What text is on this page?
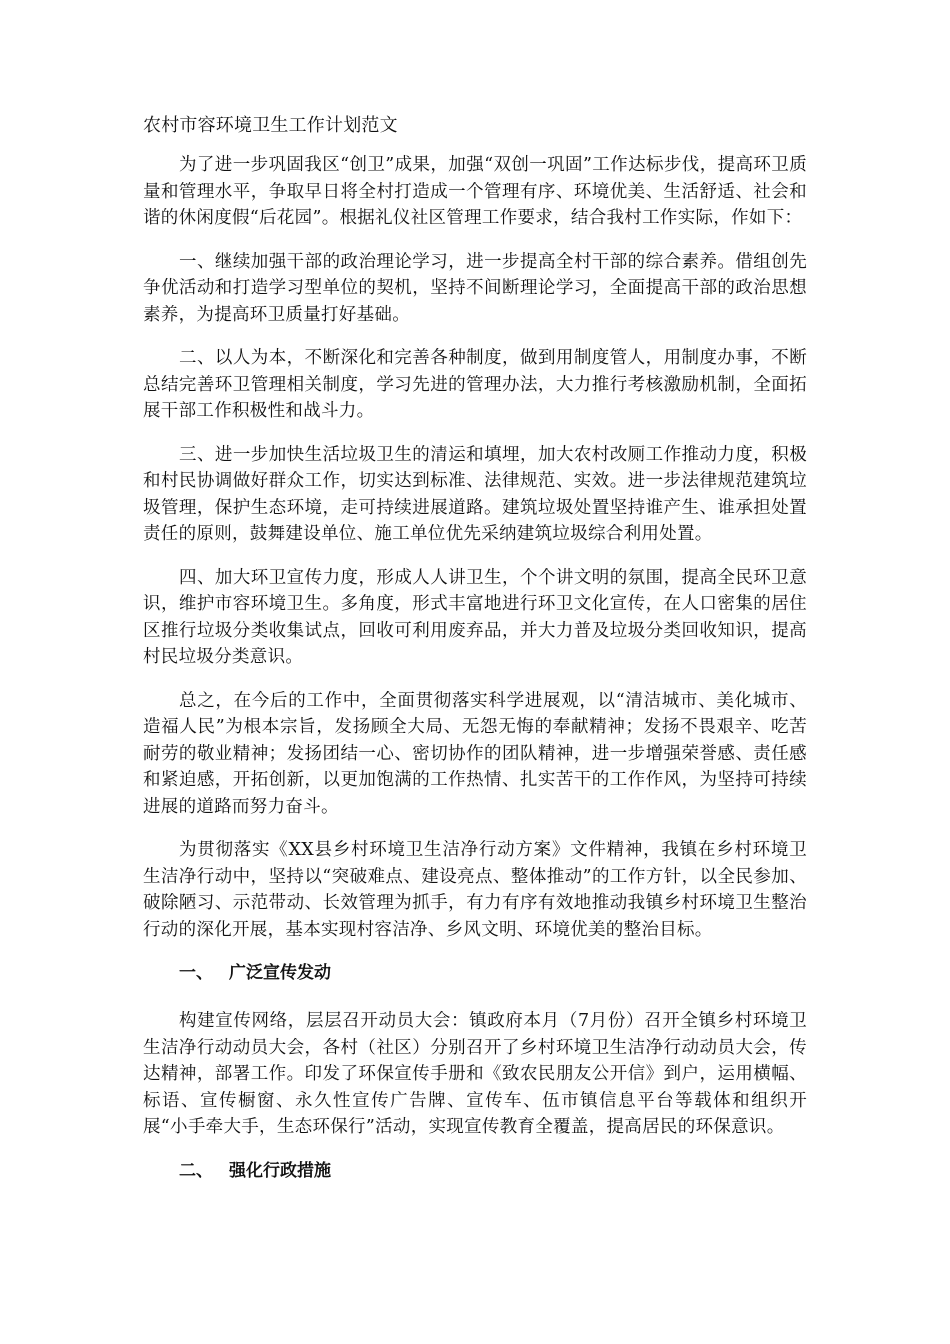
农村市容环境卫生工作计划范文

为了进一步巩固我区“创卫”成果，加强“双创一巩固”工作达标步伐，提高环卫质量和管理水平，争取早日将全村打造成一个管理有序、环境优美、生活舒适、社会和谐的休闲度假“后花园”。根据礼仪社区管理工作要求，结合我村工作实际，作如下：

一、继续加强干部的政治理论学习，进一步提高全村干部的综合素养。借组创先争优活动和打造学习型单位的契机，坚持不间断理论学习，全面提高干部的政治思想素养，为提高环卫质量打好基础。

二、以人为本，不断深化和完善各种制度，做到用制度管人，用制度办事，不断总结完善环卫管理相关制度，学习先进的管理办法，大力推行考核激励机制，全面拓展干部工作积极性和战斗力。

三、进一步加快生活垃圾卫生的清运和填埋，加大农村改厕工作推动力度，积极和村民协调做好群众工作，切实达到标准、法律规范、实效。进一步法律规范建筑垃圾管理，保护生态环境，走可持续进展道路。建筑垃圾处置坚持谁产生、谁承担处置责任的原则，鼓舞建设单位、施工单位优先采纳建筑垃圾综合利用处置。

四、加大环卫宣传力度，形成人人讲卫生，个个讲文明的氛围，提高全民环卫意识，维护市容环境卫生。多角度，形式丰富地进行环卫文化宣传，在人口密集的居住区推行垃圾分类收集试点，回收可利用废弃品，并大力普及垃圾分类回收知识，提高村民垃圾分类意识。

总之，在今后的工作中，全面贯彻落实科学进展观，以“清洁城市、美化城市、造福人民”为根本宗旨，发扬顾全大局、无怨无悔的奉献精神；发扬不畏艰辛、吃苦耐劳的敬业精神；发扬团结一心、密切协作的团队精神，进一步增强荣誉感、责任感和紧迫感，开拓创新，以更加饱满的工作热情、扎实苦干的工作作风，为坚持可持续进展的道路而努力奋斗。

为贯彻落实《XX县乡村环境卫生洁净行动方案》文件精神，我镇在乡村环境卫生洁净行动中，坚持以“突破难点、建设亮点、整体推动”的工作方针，以全民参加、破除陋习、示范带动、长效管理为抓手，有力有序有效地推动我镇乡村环境卫生整治行动的深化开展，基本实现村容洁净、乡风文明、环境优美的整治目标。

一、 广泛宣传发动

构建宣传网络，层层召开动员大会：镇政府本月（7月份）召开全镇乡村环境卫生洁净行动动员大会，各村（社区）分别召开了乡村环境卫生洁净行动动员大会，传达精神，部署工作。印发了环保宣传手册和《致农民朋友公开信》到户，运用横幅、标语、宣传橱窗、永久性宣传广告牌、宣传车、伍市镇信息平台等载体和组织开展“小手牵大手，生态环保行”活动，实现宣传教育全覆盖，提高居民的环保意识。

二、 强化行政措施
